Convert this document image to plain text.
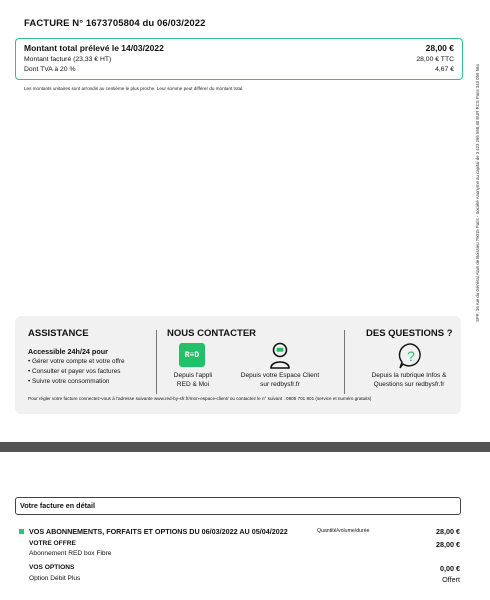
FACTURE N° 1673705804 du 06/03/2022
Montant total prélevé le 14/03/2022	28,00 €
Montant facturé (23,33 € HT)	28,00 € TTC
Dont TVA à 20 %	4,67 €
Les montants unitaires sont arrondis au centième le plus proche. Leur somme peut différer du montant total.	SFR, 16 rue du Général Alain de Boissieu 75015 Paris - Société Anonyme au capital de 3 423 265 598,40 EUR RCS Paris 343 059 564
ASSISTANCE
Accessible 24h/24 pour
• Gérer votre compte et votre offre
• Consulter et payer vos factures
• Suivre votre consommation
NOUS CONTACTER
R≡D
Depuis l'appli
RED & Moi
Depuis votre Espace Client
sur redbysfr.fr
DES QUESTIONS ?
?
Depuis la rubrique Infos &
Questions sur redbysfr.fr
Pour régler votre facture connectez-vous à l'adresse suivante www.red-by-sfr.fr/mon-espace-client/ ou contactez le n° suivant : 0805 701 801 (service et numéro gratuits)
Votre facture en détail
VOS ABONNEMENTS, FORFAITS ET OPTIONS DU 06/03/2022 AU 05/04/2022	Quantité/volume/durée	28,00 €
VOTRE OFFRE	28,00 €
Abonnement RED box Fibre
VOS OPTIONS	0,00 €
Option Débit Plus	Offert
